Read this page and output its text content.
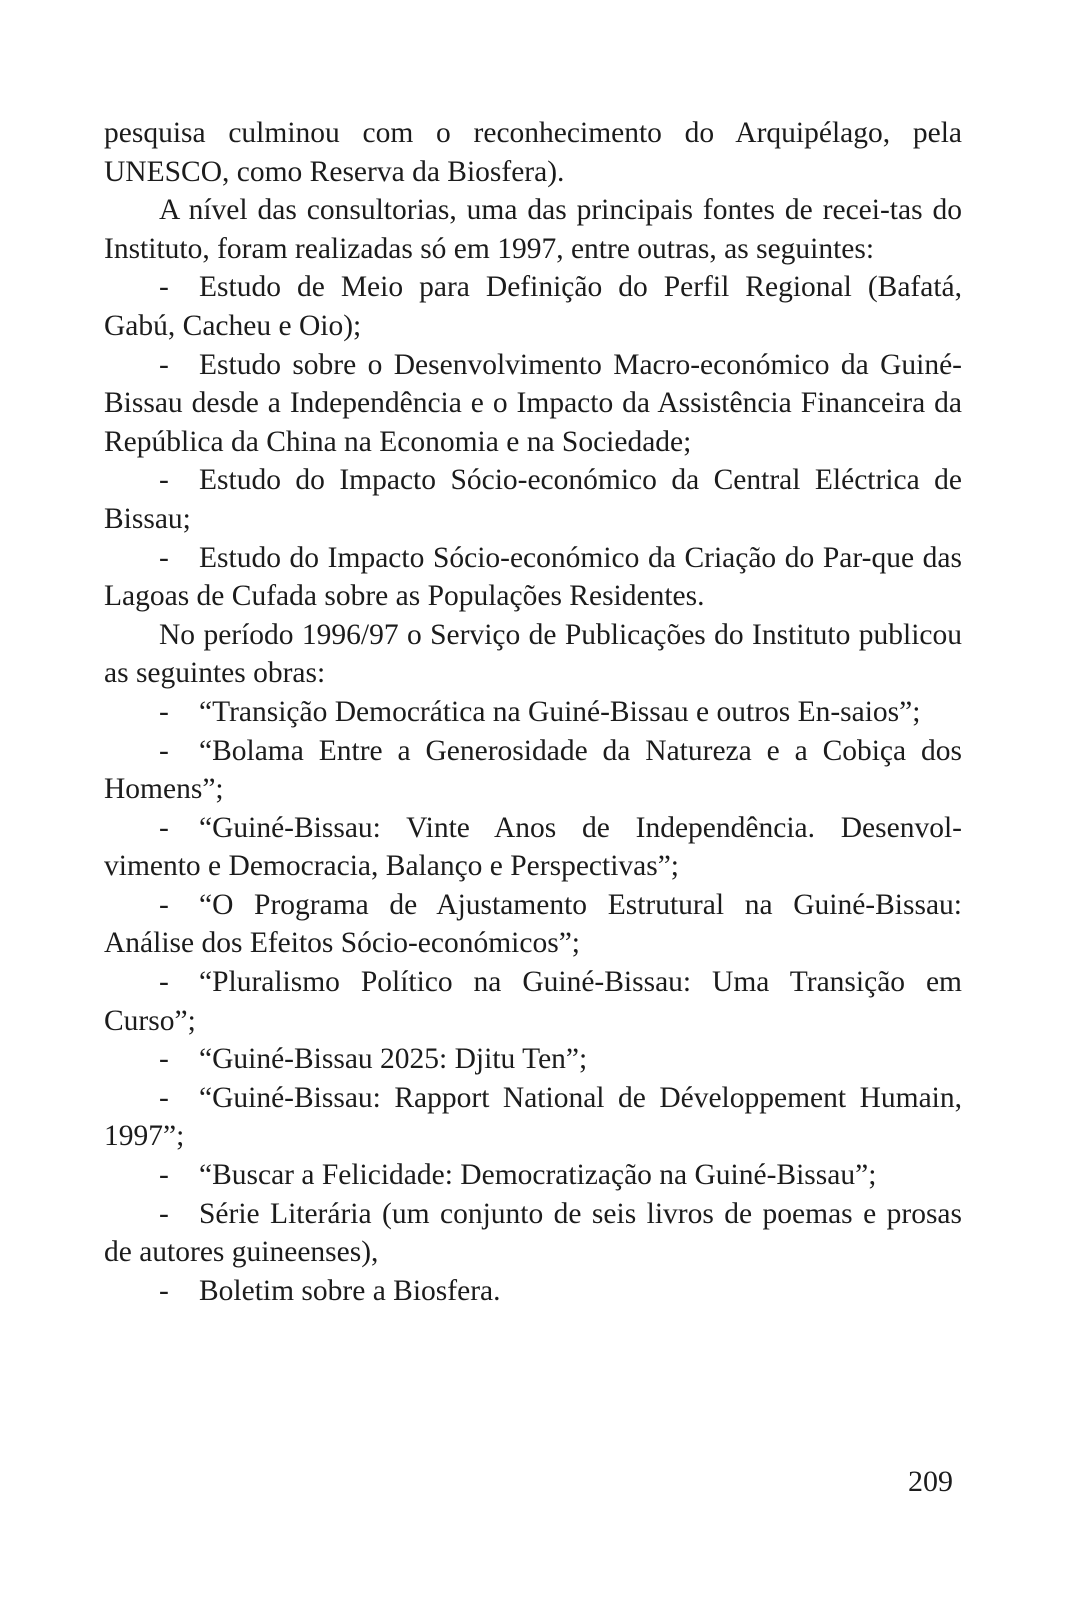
pesquisa culminou com o reconhecimento do Arquipélago, pela UNESCO, como Reserva da Biosfera).

A nível das consultorias, uma das principais fontes de recei-tas do Instituto, foram realizadas só em 1997, entre outras, as seguintes:

- Estudo de Meio para Definição do Perfil Regional (Bafatá, Gabú, Cacheu e Oio);

- Estudo sobre o Desenvolvimento Macro-económico da Guiné-Bissau desde a Independência e o Impacto da Assistência Financeira da República da China na Economia e na Sociedade;

- Estudo do Impacto Sócio-económico da Central Eléctrica de Bissau;

- Estudo do Impacto Sócio-económico da Criação do Par-que das Lagoas de Cufada sobre as Populações Residentes.

No período 1996/97 o Serviço de Publicações do Instituto publicou as seguintes obras:

- “Transição Democrática na Guiné-Bissau e outros En-saios”;

- “Bolama Entre a Generosidade da Natureza e a Cobiça dos Homens”;

- “Guiné-Bissau: Vinte Anos de Independência. Desenvol-vimento e Democracia, Balanço e Perspectivas”;

- “O Programa de Ajustamento Estrutural na Guiné-Bissau: Análise dos Efeitos Sócio-económicos”;

- “Pluralismo Político na Guiné-Bissau: Uma Transição em Curso”;

- “Guiné-Bissau 2025: Djitu Ten”;

- “Guiné-Bissau: Rapport National de Développement Humain, 1997”;

- “Buscar a Felicidade: Democratização na Guiné-Bissau”;

- Série Literária (um conjunto de seis livros de poemas e prosas de autores guineenses),

- Boletim sobre a Biosfera.

209
